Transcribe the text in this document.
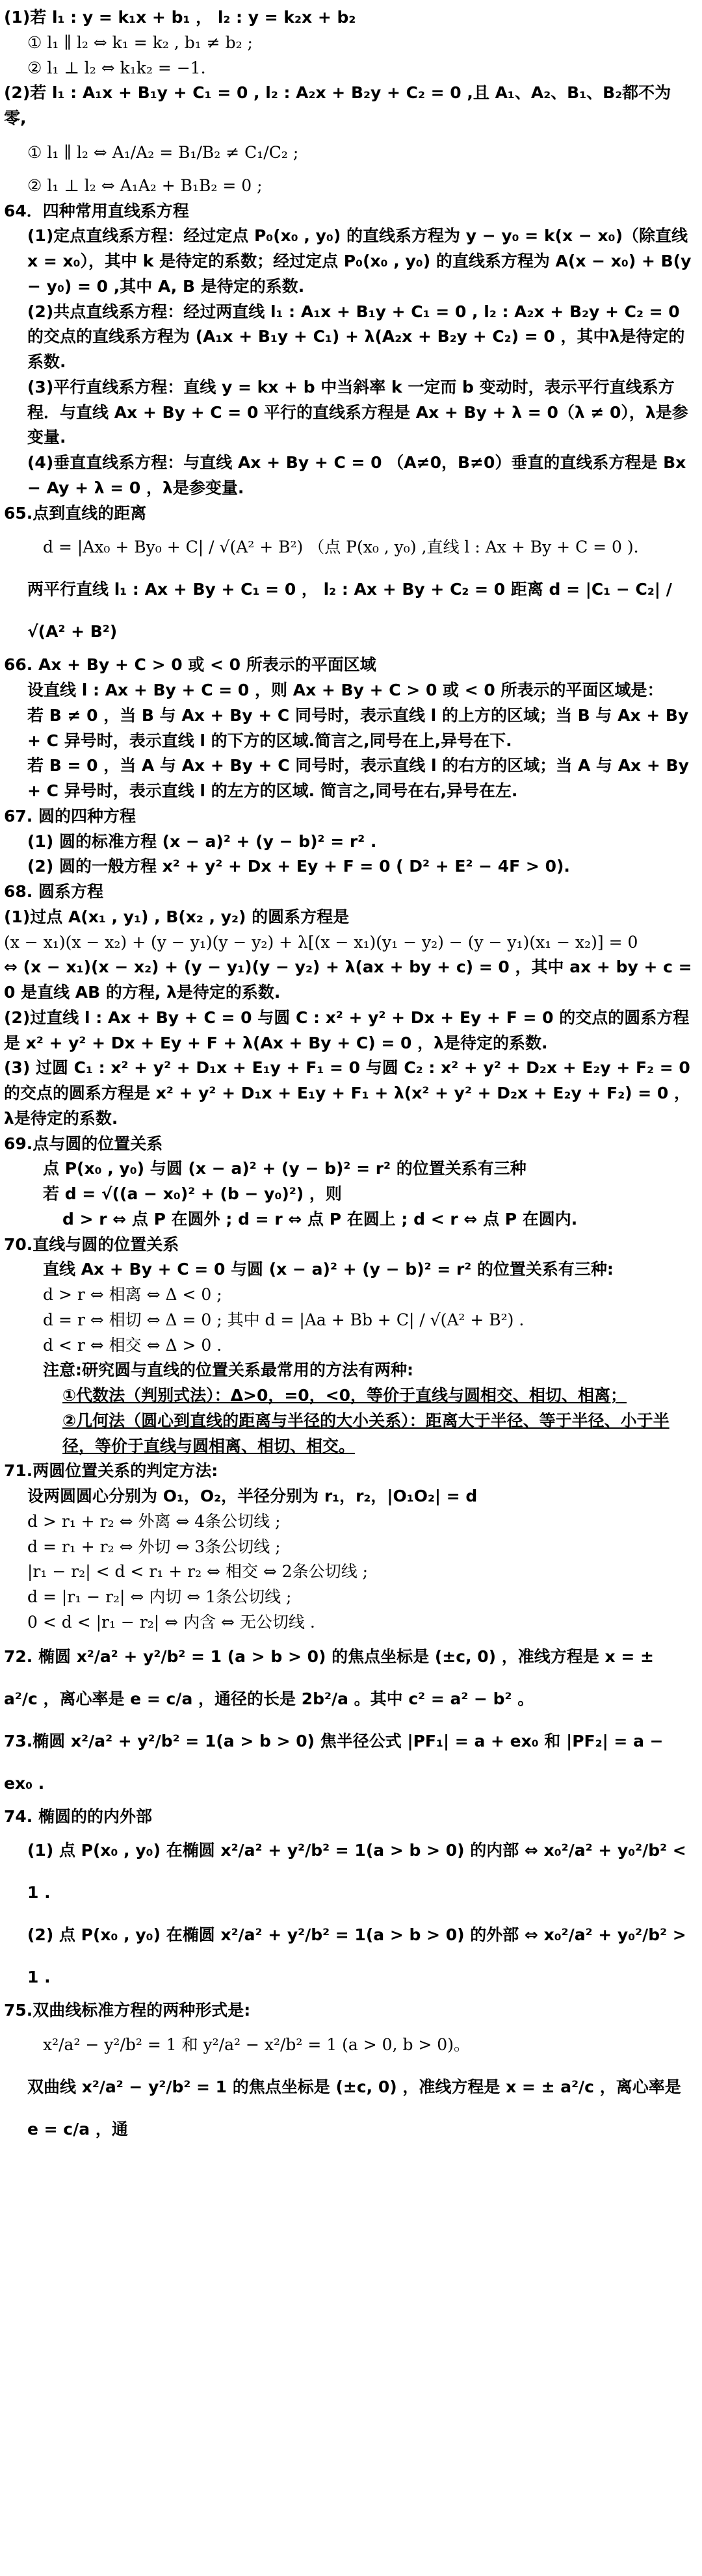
(1)若 l₁ : y = k₁x + b₁ ， l₂ : y = k₂x + b₂

① l₁ ∥ l₂ ⇔ k₁ = k₂ , b₁ ≠ b₂ ;

② l₁ ⊥ l₂ ⇔ k₁k₂ = −1.

(2)若 l₁ : A₁x + B₁y + C₁ = 0 , l₂ : A₂x + B₂y + C₂ = 0 ,且 A₁、A₂、B₁、B₂都不为零,

① l₁ ∥ l₂ ⇔ A₁/A₂ = B₁/B₂ ≠ C₁/C₂ ;

② l₁ ⊥ l₂ ⇔ A₁A₂ + B₁B₂ = 0 ;

64．四种常用直线系方程

(1)定点直线系方程：经过定点 P₀(x₀ , y₀) 的直线系方程为 y − y₀ = k(x − x₀)（除直线 x = x₀），其中 k 是待定的系数；经过定点 P₀(x₀ , y₀) 的直线系方程为 A(x − x₀) + B(y − y₀) = 0 ,其中 A, B 是待定的系数.

(2)共点直线系方程：经过两直线 l₁ : A₁x + B₁y + C₁ = 0 , l₂ : A₂x + B₂y + C₂ = 0 的交点的直线系方程为 (A₁x + B₁y + C₁) + λ(A₂x + B₂y + C₂) = 0 ，其中λ是待定的系数.

(3)平行直线系方程：直线 y = kx + b 中当斜率 k 一定而 b 变动时，表示平行直线系方程．与直线 Ax + By + C = 0 平行的直线系方程是 Ax + By + λ = 0（λ ≠ 0），λ是参变量.

(4)垂直直线系方程：与直线 Ax + By + C = 0 （A≠0，B≠0）垂直的直线系方程是 Bx − Ay + λ = 0 ，λ是参变量.

65.点到直线的距离

d = |Ax₀ + By₀ + C| / √(A² + B²) （点 P(x₀ , y₀) ,直线 l : Ax + By + C = 0 ).

两平行直线 l₁ : Ax + By + C₁ = 0 ， l₂ : Ax + By + C₂ = 0 距离 d = |C₁ − C₂| / √(A² + B²)

66. Ax + By + C > 0 或 < 0 所表示的平面区域

设直线 l : Ax + By + C = 0 ，则 Ax + By + C > 0 或 < 0 所表示的平面区域是：

若 B ≠ 0 ，当 B 与 Ax + By + C 同号时，表示直线 l 的上方的区域；当 B 与 Ax + By + C 异号时，表示直线 l 的下方的区域.简言之,同号在上,异号在下.

若 B = 0 ，当 A 与 Ax + By + C 同号时，表示直线 l 的右方的区域；当 A 与 Ax + By + C 异号时，表示直线 l 的左方的区域. 简言之,同号在右,异号在左.

67. 圆的四种方程

(1) 圆的标准方程 (x − a)² + (y − b)² = r² .

(2) 圆的一般方程 x² + y² + Dx + Ey + F = 0 ( D² + E² − 4F > 0).

68. 圆系方程

(1)过点 A(x₁ , y₁) , B(x₂ , y₂) 的圆系方程是

(x − x₁)(x − x₂) + (y − y₁)(y − y₂) + λ[(x − x₁)(y₁ − y₂) − (y − y₁)(x₁ − x₂)] = 0

⇔ (x − x₁)(x − x₂) + (y − y₁)(y − y₂) + λ(ax + by + c) = 0 ，其中 ax + by + c = 0 是直线 AB 的方程, λ是待定的系数.

(2)过直线 l : Ax + By + C = 0 与圆 C : x² + y² + Dx + Ey + F = 0 的交点的圆系方程是 x² + y² + Dx + Ey + F + λ(Ax + By + C) = 0 ，λ是待定的系数.

(3) 过圆 C₁ : x² + y² + D₁x + E₁y + F₁ = 0 与圆 C₂ : x² + y² + D₂x + E₂y + F₂ = 0 的交点的圆系方程是 x² + y² + D₁x + E₁y + F₁ + λ(x² + y² + D₂x + E₂y + F₂) = 0 ，λ是待定的系数.

69.点与圆的位置关系

点 P(x₀ , y₀) 与圆 (x − a)² + (y − b)² = r² 的位置关系有三种

若 d = √((a − x₀)² + (b − y₀)²) ，则

d > r ⇔ 点 P 在圆外 ; d = r ⇔ 点 P 在圆上 ; d < r ⇔ 点 P 在圆内.

70.直线与圆的位置关系

直线 Ax + By + C = 0 与圆 (x − a)² + (y − b)² = r² 的位置关系有三种:

d > r ⇔ 相离 ⇔ Δ < 0 ;

d = r ⇔ 相切 ⇔ Δ = 0 ; 其中 d = |Aa + Bb + C| / √(A² + B²) .

d < r ⇔ 相交 ⇔ Δ > 0 .

注意:研究圆与直线的位置关系最常用的方法有两种:

①代数法（判别式法）：Δ>0，=0，<0，等价于直线与圆相交、相切、相离；

②几何法（圆心到直线的距离与半径的大小关系）：距离大于半径、等于半径、小于半径，等价于直线与圆相离、相切、相交。

71.两圆位置关系的判定方法:

设两圆圆心分别为 O₁，O₂，半径分别为 r₁，r₂，|O₁O₂| = d

d > r₁ + r₂ ⇔ 外离 ⇔ 4条公切线 ;

d = r₁ + r₂ ⇔ 外切 ⇔ 3条公切线 ;

|r₁ − r₂| < d < r₁ + r₂ ⇔ 相交 ⇔ 2条公切线 ;

d = |r₁ − r₂| ⇔ 内切 ⇔ 1条公切线 ;

0 < d < |r₁ − r₂| ⇔ 内含 ⇔ 无公切线 .

72. 椭圆 x²/a² + y²/b² = 1 (a > b > 0) 的焦点坐标是 (±c, 0) ，准线方程是 x = ± a²/c ，离心率是 e = c/a ，通径的长是 2b²/a 。其中 c² = a² − b² 。

73.椭圆 x²/a² + y²/b² = 1(a > b > 0) 焦半径公式 |PF₁| = a + ex₀ 和 |PF₂| = a − ex₀ .

74. 椭圆的的内外部

(1) 点 P(x₀ , y₀) 在椭圆 x²/a² + y²/b² = 1(a > b > 0) 的内部 ⇔ x₀²/a² + y₀²/b² < 1 .

(2) 点 P(x₀ , y₀) 在椭圆 x²/a² + y²/b² = 1(a > b > 0) 的外部 ⇔ x₀²/a² + y₀²/b² > 1 .

75.双曲线标准方程的两种形式是:

x²/a² − y²/b² = 1 和 y²/a² − x²/b² = 1 (a > 0, b > 0)。

双曲线 x²/a² − y²/b² = 1 的焦点坐标是 (±c, 0) ，准线方程是 x = ± a²/c ，离心率是 e = c/a ，通
